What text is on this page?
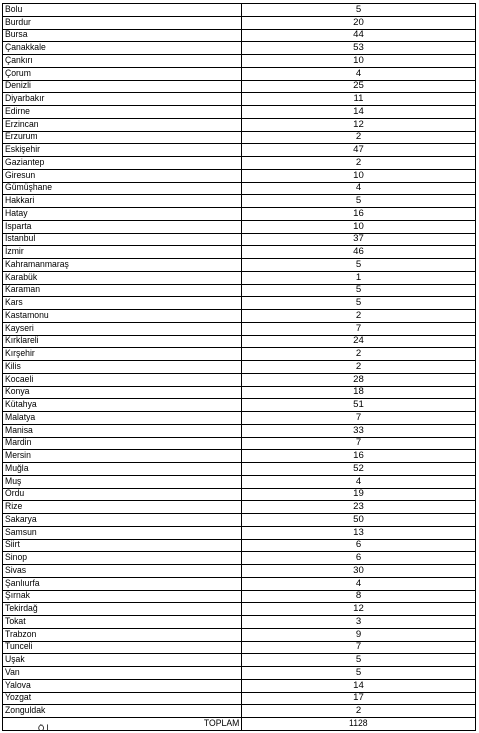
Bolu	5
Burdur	20
Bursa	44
Çanakkale	53
Çankırı	10
Çorum	4
Denizli	25
Diyarbakır	11
Edirne	14
Erzincan	12
Erzurum	2
Eskişehir	47
Gaziantep	2
Giresun	10
Gümüşhane	4
Hakkari	5
Hatay	16
Isparta	10
İstanbul	37
İzmir	46
Kahramanmaraş	5
Karabük	1
Karaman	5
Kars	5
Kastamonu	2
Kayseri	7
Kırklareli	24
Kırşehir	2
Kilis	2
Kocaeli	28
Konya	18
Kütahya	51
Malatya	7
Manisa	33
Mardin	7
Mersin	16
Muğla	52
Muş	4
Ordu	19
Rize	23
Sakarya	50
Samsun	13
Siirt	6
Sinop	6
Sivas	30
Şanlıurfa	4
Şırnak	8
Tekirdağ	12
Tokat	3
Trabzon	9
Tunceli	7
Uşak	5
Van	5
Yalova	14
Yozgat	17
Zonguldak	2
TOPLAM	1128
Ö İ
